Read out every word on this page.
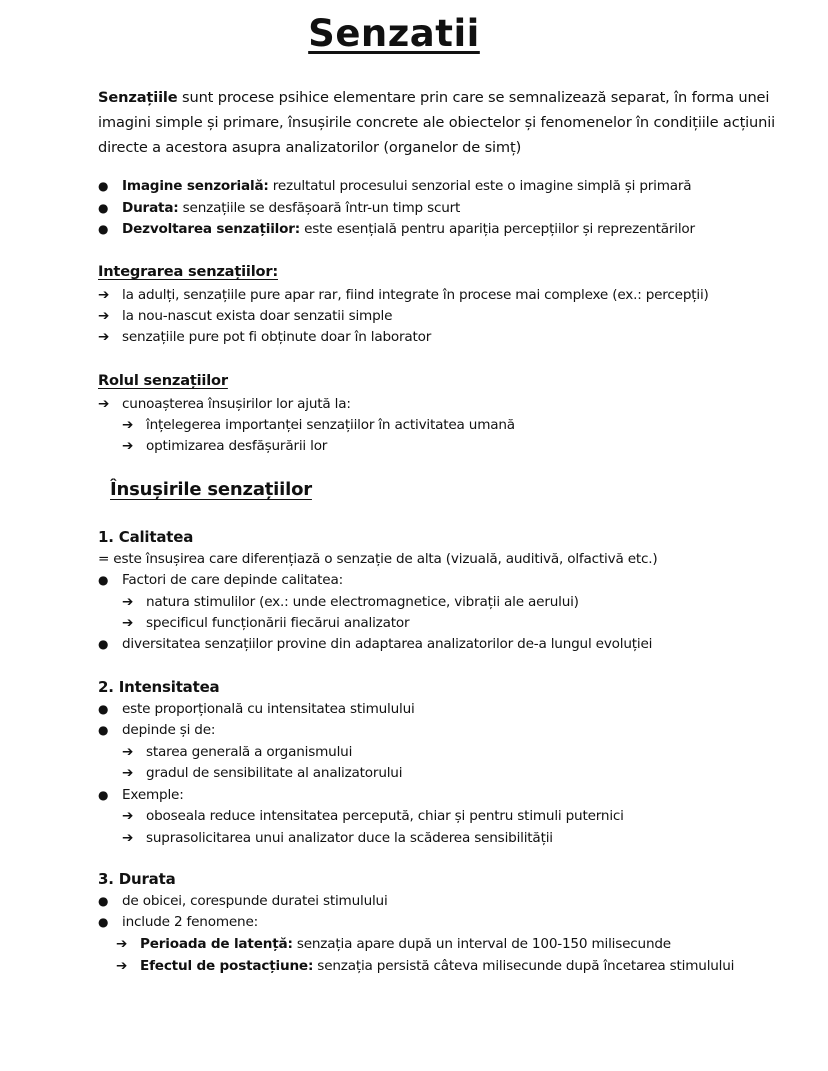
Senzatii
Senzațiile sunt procese psihice elementare prin care se semnalizează separat, în forma unei imagini simple și primare, însușirile concrete ale obiectelor și fenomenelor în condițiile acțiunii directe a acestora asupra analizatorilor (organelor de simț)
● Imagine senzorială: rezultatul procesului senzorial este o imagine simplă și primară
● Durata: senzațiile se desfășoară într-un timp scurt
● Dezvoltarea senzațiilor: este esențială pentru apariția percepțiilor și reprezentărilor
Integrarea senzațiilor:
➔ la adulți, senzațiile pure apar rar, fiind integrate în procese mai complexe (ex.: percepții)
➔ la nou-nascut exista doar senzatii simple
➔ senzațiile pure pot fi obținute doar în laborator
Rolul senzațiilor
➔ cunoașterea însușirilor lor ajută la:
➔ înțelegerea importanței senzațiilor în activitatea umană
➔ optimizarea desfășurării lor
Însușirile senzațiilor
1. Calitatea
= este însușirea care diferențiază o senzație de alta (vizuală, auditivă, olfactivă etc.)
● Factori de care depinde calitatea:
➔ natura stimulilor (ex.: unde electromagnetice, vibrații ale aerului)
➔ specificul funcționării fiecărui analizator
● diversitatea senzațiilor provine din adaptarea analizatorilor de-a lungul evoluției
2. Intensitatea
● este proporțională cu intensitatea stimulului
● depinde și de:
➔ starea generală a organismului
➔ gradul de sensibilitate al analizatorului
● Exemple:
➔ oboseala reduce intensitatea percepută, chiar și pentru stimuli puternici
➔ suprasolicitarea unui analizator duce la scăderea sensibilității
3. Durata
● de obicei, corespunde duratei stimulului
● include 2 fenomene:
➔ Perioada de latență: senzația apare după un interval de 100-150 milisecunde
➔ Efectul de postacțiune: senzația persistă câteva milisecunde după încetarea stimulului
